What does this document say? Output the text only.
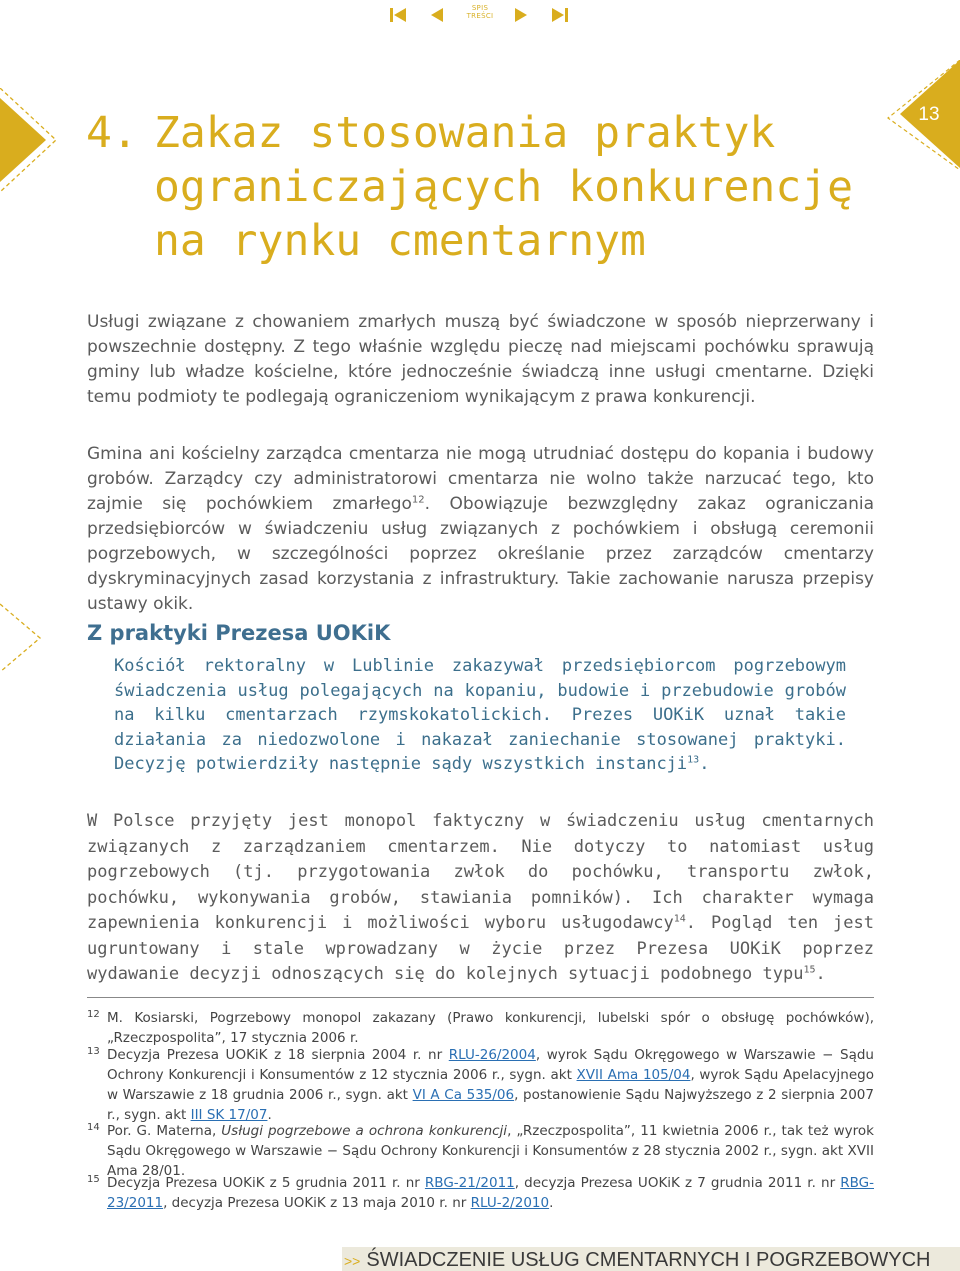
SPIS
TREŚCI
13
4. Zakaz stosowania praktyk
ograniczających konkurencję
na rynku cmentarnym

Usługi związane z chowaniem zmarłych muszą być świadczone w sposób nieprzerwany i powszechnie dostępny. Z tego właśnie względu pieczę nad miejscami pochówku sprawują gminy lub władze kościelne, które jednocześnie świadczą inne usługi cmentarne. Dzięki temu podmioty te podlegają ograniczeniom wynikającym z prawa konkurencji.

Gmina ani kościelny zarządca cmentarza nie mogą utrudniać dostępu do kopania i budowy grobów. Zarządcy czy administratorowi cmentarza nie wolno także narzucać tego, kto zajmie się pochówkiem zmarłego$^{12}$. Obowiązuje bezwzględny zakaz ograniczania przedsiębiorców w świadczeniu usług związanych z pochówkiem i obsługą ceremonii pogrzebowych, w szczególności poprzez określanie przez zarządców cmentarzy dyskryminacyjnych zasad korzystania z infrastruktury. Takie zachowanie narusza przepisy ustawy okik.

Z praktyki Prezesa UOKiK

Kościół rektoralny w Lublinie zakazywał przedsiębiorcom pogrzebowym świadczenia usług polegających na kopaniu, budowie i przebudowie grobów na kilku cmentarzach rzymskokatolickich. Prezes UOKiK uznał takie działania za niedozwolone i nakazał zaniechanie stosowanej praktyki. Decyzję potwierdziły następnie sądy wszystkich instancji$^{13}$.

W Polsce przyjęty jest monopol faktyczny w świadczeniu usług cmentarnych związanych z zarządzaniem cmentarzem. Nie dotyczy to natomiast usług pogrzebowych (tj. przygotowania zwłok do pochówku, transportu zwłok, pochówku, wykonywania grobów, stawiania pomników). Ich charakter wymaga zapewnienia konkurencji i możliwości wyboru usługodawcy$^{14}$. Pogląd ten jest ugruntowany i stale wprowadzany w życie przez Prezesa UOKiK poprzez wydawanie decyzji odnoszących się do kolejnych sytuacji podobnego typu$^{15}$.

12 M. Kosiarski, Pogrzebowy monopol zakazany (Prawo konkurencji, lubelski spór o obsługę pochówków), „Rzeczpospolita”, 17 stycznia 2006 r.
13 Decyzja Prezesa UOKiK z 18 sierpnia 2004 r. nr RLU-26/2004, wyrok Sądu Okręgowego w Warszawie − Sądu Ochrony Konkurencji i Konsumentów z 12 stycznia 2006 r., sygn. akt XVII Ama 105/04, wyrok Sądu Apelacyjnego w Warszawie z 18 grudnia 2006 r., sygn. akt VI A Ca 535/06, postanowienie Sądu Najwyższego z 2 sierpnia 2007 r., sygn. akt III SK 17/07.
14 Por. G. Materna, Usługi pogrzebowe a ochrona konkurencji, „Rzeczpospolita”, 11 kwietnia 2006 r., tak też wyrok Sądu Okręgowego w Warszawie − Sądu Ochrony Konkurencji i Konsumentów z 28 stycznia 2002 r., sygn. akt XVII Ama 28/01.
15 Decyzja Prezesa UOKiK z 5 grudnia 2011 r. nr RBG-21/2011, decyzja Prezesa UOKiK z 7 grudnia 2011 r. nr RBG-23/2011, decyzja Prezesa UOKiK z 13 maja 2010 r. nr RLU-2/2010.
>> ŚWIADCZENIE USŁUG CMENTARNYCH I POGRZEBOWYCH
